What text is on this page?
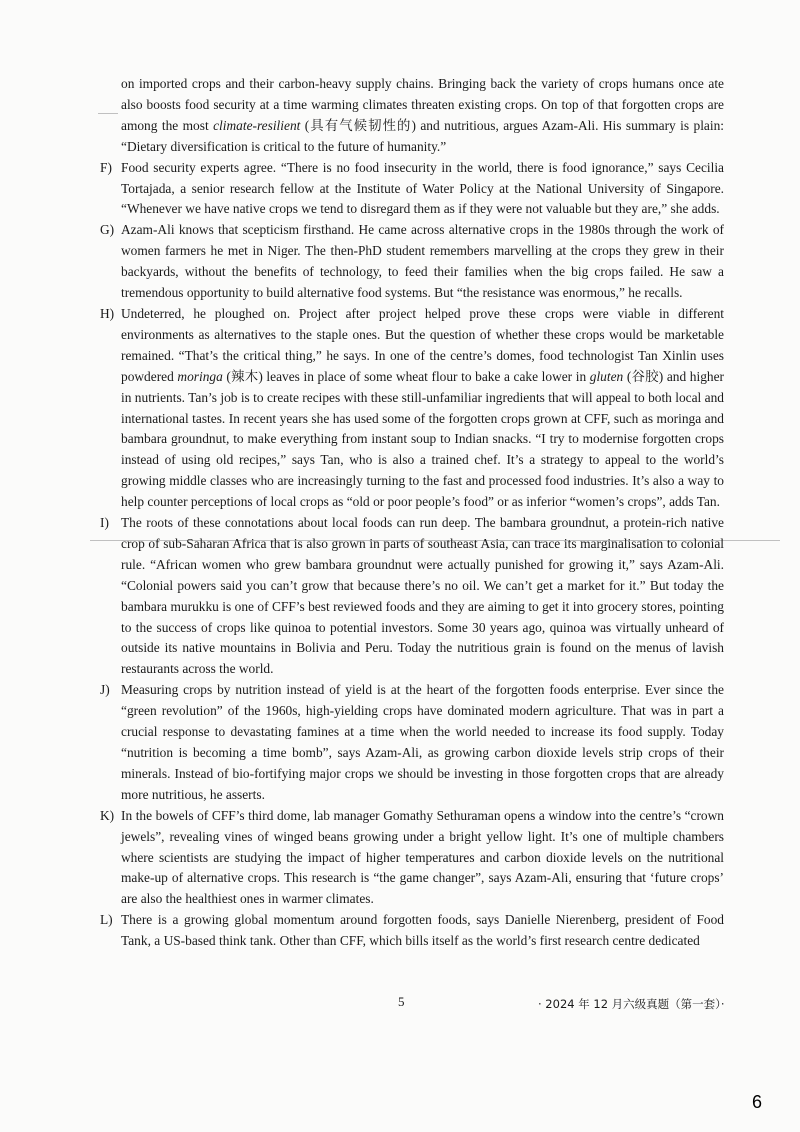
on imported crops and their carbon-heavy supply chains. Bringing back the variety of crops humans once ate also boosts food security at a time warming climates threaten existing crops. On top of that forgotten crops are among the most climate-resilient (具有气候韧性的) and nutritious, argues Azam-Ali. His summary is plain: “Dietary diversification is critical to the future of humanity.”

F) Food security experts agree. “There is no food insecurity in the world, there is food ignorance,” says Cecilia Tortajada, a senior research fellow at the Institute of Water Policy at the National University of Singapore. “Whenever we have native crops we tend to disregard them as if they were not valuable but they are,” she adds.
G) Azam-Ali knows that scepticism firsthand. He came across alternative crops in the 1980s through the work of women farmers he met in Niger. The then-PhD student remembers marvelling at the crops they grew in their backyards, without the benefits of technology, to feed their families when the big crops failed. He saw a tremendous opportunity to build alternative food systems. But “the resistance was enormous,” he recalls.
H) Undeterred, he ploughed on. Project after project helped prove these crops were viable in different environments as alternatives to the staple ones. But the question of whether these crops would be marketable remained. “That’s the critical thing,” he says. In one of the centre’s domes, food technologist Tan Xinlin uses powdered moringa (辣木) leaves in place of some wheat flour to bake a cake lower in gluten (谷胶) and higher in nutrients. Tan’s job is to create recipes with these still-unfamiliar ingredients that will appeal to both local and international tastes. In recent years she has used some of the forgotten crops grown at CFF, such as moringa and bambara groundnut, to make everything from instant soup to Indian snacks. “I try to modernise forgotten crops instead of using old recipes,” says Tan, who is also a trained chef. It’s a strategy to appeal to the world’s growing middle classes who are increasingly turning to the fast and processed food industries. It’s also a way to help counter perceptions of local crops as “old or poor people’s food” or as inferior “women’s crops”, adds Tan.
I) The roots of these connotations about local foods can run deep. The bambara groundnut, a protein-rich native crop of sub-Saharan Africa that is also grown in parts of southeast Asia, can trace its marginalisation to colonial rule. “African women who grew bambara groundnut were actually punished for growing it,” says Azam-Ali. “Colonial powers said you can’t grow that because there’s no oil. We can’t get a market for it.” But today the bambara murukku is one of CFF’s best reviewed foods and they are aiming to get it into grocery stores, pointing to the success of crops like quinoa to potential investors. Some 30 years ago, quinoa was virtually unheard of outside its native mountains in Bolivia and Peru. Today the nutritious grain is found on the menus of lavish restaurants across the world.
J) Measuring crops by nutrition instead of yield is at the heart of the forgotten foods enterprise. Ever since the “green revolution” of the 1960s, high-yielding crops have dominated modern agriculture. That was in part a crucial response to devastating famines at a time when the world needed to increase its food supply. Today “nutrition is becoming a time bomb”, says Azam-Ali, as growing carbon dioxide levels strip crops of their minerals. Instead of bio-fortifying major crops we should be investing in those forgotten crops that are already more nutritious, he asserts.
K) In the bowels of CFF’s third dome, lab manager Gomathy Sethuraman opens a window into the centre’s “crown jewels”, revealing vines of winged beans growing under a bright yellow light. It’s one of multiple chambers where scientists are studying the impact of higher temperatures and carbon dioxide levels on the nutritional make-up of alternative crops. This research is “the game changer”, says Azam-Ali, ensuring that ‘future crops’ are also the healthiest ones in warmer climates.
L) There is a growing global momentum around forgotten foods, says Danielle Nierenberg, president of Food Tank, a US-based think tank. Other than CFF, which bills itself as the world’s first research centre dedicated
5	· 2024 年 12 月六级真题（第一套）·
6
